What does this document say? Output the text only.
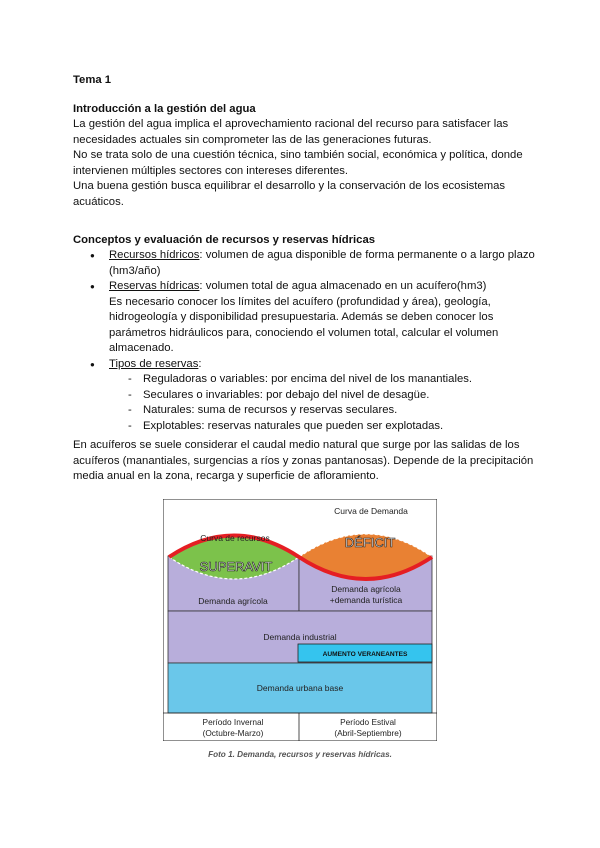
Tema 1

Introducción a la gestión del agua

La gestión del agua implica el aprovechamiento racional del recurso para satisfacer las
necesidades actuales sin comprometer las de las generaciones futuras.
No se trata solo de una cuestión técnica, sino también social, económica y política, donde
intervienen múltiples sectores con intereses diferentes.
Una buena gestión busca equilibrar el desarrollo y la conservación de los ecosistemas
acuáticos.

Conceptos y evaluación de recursos y reservas hídricas

● Recursos hídricos: volumen de agua disponible de forma permanente o a largo plazo
(hm3/año)
● Reservas hídricas: volumen total de agua almacenado en un acuífero(hm3)
Es necesario conocer los límites del acuífero (profundidad y área), geología,
hidrogeología y disponibilidad presupuestaria. Además se deben conocer los
parámetros hidráulicos para, conociendo el volumen total, calcular el volumen
almacenado.
● Tipos de reservas:
- Reguladoras o variables: por encima del nivel de los manantiales.
- Seculares o invariables: por debajo del nivel de desagüe.
- Naturales: suma de recursos y reservas seculares.
- Explotables: reservas naturales que pueden ser explotadas.
En acuíferos se suele considerar el caudal medio natural que surge por las salidas de los
acuíferos (manantiales, surgencias a ríos y zonas pantanosas). Depende de la precipitación
media anual en la zona, recarga y superficie de afloramiento.
Curva de Demanda
Curva de recursos
SUPERAVIT
DÉFICIT
Demanda agrícola
Demanda agrícola
+demanda turística
Demanda industrial
AUMENTO VERANEANTES
Demanda urbana base
Período Invernal
(Octubre-Marzo)
Período Estival
(Abril-Septiembre)
Foto 1. Demanda, recursos y reservas hídricas.
